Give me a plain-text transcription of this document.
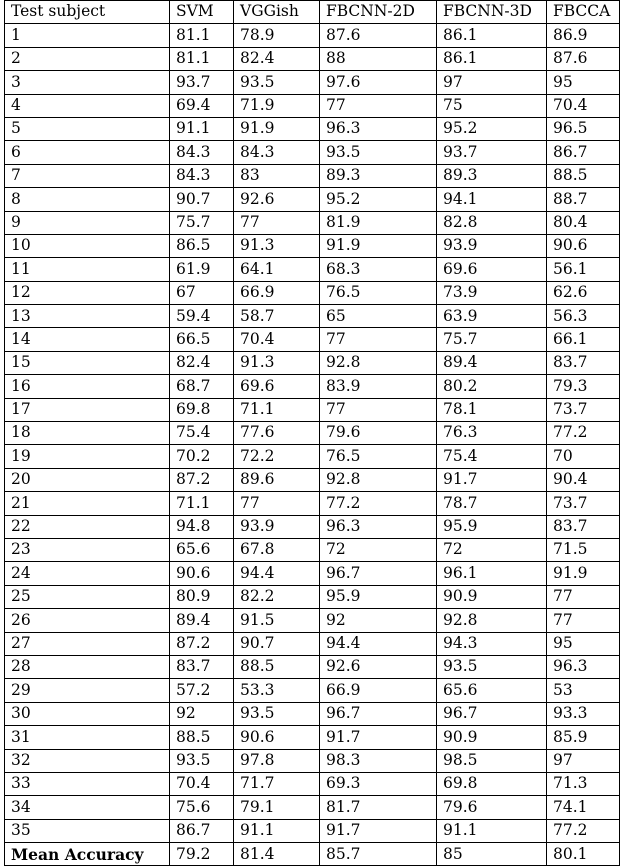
Test subject	SVM	VGGish	FBCNN-2D	FBCNN-3D	FBCCA
1	81.1	78.9	87.6	86.1	86.9
2	81.1	82.4	88	86.1	87.6
3	93.7	93.5	97.6	97	95
4	69.4	71.9	77	75	70.4
5	91.1	91.9	96.3	95.2	96.5
6	84.3	84.3	93.5	93.7	86.7
7	84.3	83	89.3	89.3	88.5
8	90.7	92.6	95.2	94.1	88.7
9	75.7	77	81.9	82.8	80.4
10	86.5	91.3	91.9	93.9	90.6
11	61.9	64.1	68.3	69.6	56.1
12	67	66.9	76.5	73.9	62.6
13	59.4	58.7	65	63.9	56.3
14	66.5	70.4	77	75.7	66.1
15	82.4	91.3	92.8	89.4	83.7
16	68.7	69.6	83.9	80.2	79.3
17	69.8	71.1	77	78.1	73.7
18	75.4	77.6	79.6	76.3	77.2
19	70.2	72.2	76.5	75.4	70
20	87.2	89.6	92.8	91.7	90.4
21	71.1	77	77.2	78.7	73.7
22	94.8	93.9	96.3	95.9	83.7
23	65.6	67.8	72	72	71.5
24	90.6	94.4	96.7	96.1	91.9
25	80.9	82.2	95.9	90.9	77
26	89.4	91.5	92	92.8	77
27	87.2	90.7	94.4	94.3	95
28	83.7	88.5	92.6	93.5	96.3
29	57.2	53.3	66.9	65.6	53
30	92	93.5	96.7	96.7	93.3
31	88.5	90.6	91.7	90.9	85.9
32	93.5	97.8	98.3	98.5	97
33	70.4	71.7	69.3	69.8	71.3
34	75.6	79.1	81.7	79.6	74.1
35	86.7	91.1	91.7	91.1	77.2
Mean Accuracy	79.2	81.4	85.7	85	80.1
